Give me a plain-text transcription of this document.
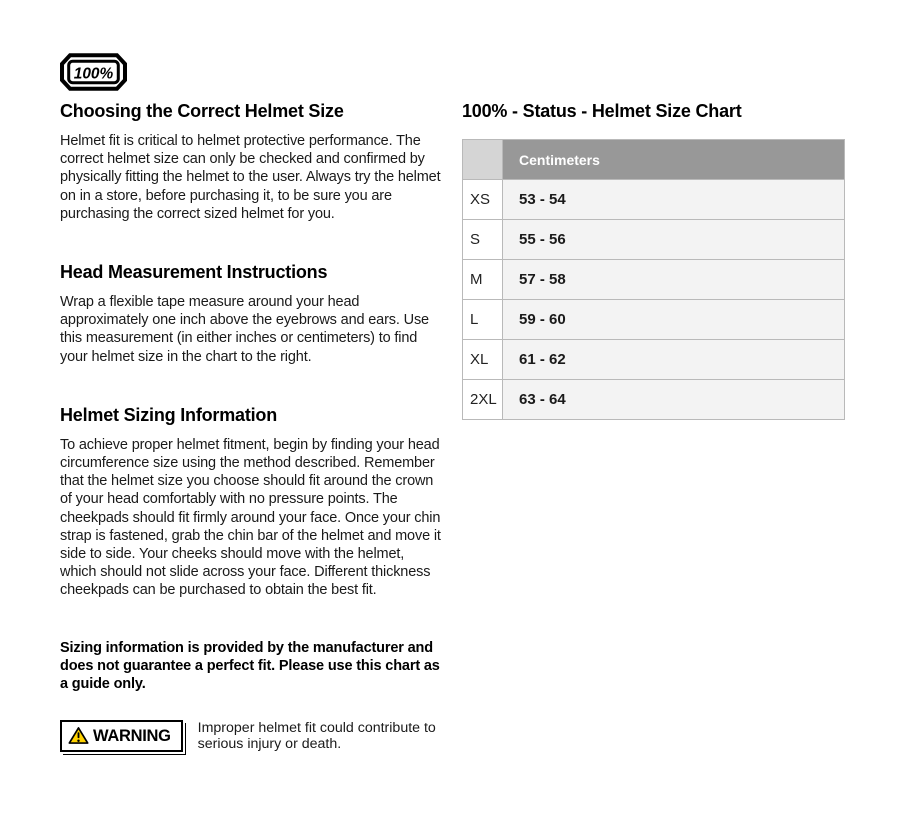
100%
Choosing the Correct Helmet Size

Helmet fit is critical to helmet protective performance. The correct helmet size can only be checked and confirmed by physically fitting the helmet to the user. Always try the helmet on in a store, before purchasing it, to be sure you are purchasing the correct sized helmet for you.

Head Measurement Instructions

Wrap a flexible tape measure around your head approximately one inch above the eyebrows and ears. Use this measurement (in either inches or centimeters) to find your helmet size in the chart to the right.

Helmet Sizing Information

To achieve proper helmet fitment, begin by finding your head circumference size using the method described. Remember that the helmet size you choose should fit around the crown of your head comfortably with no pressure points. The cheekpads should fit firmly around your face. Once your chin strap is fastened, grab the chin bar of the helmet and move it side to side. Your cheeks should move with the helmet, which should not slide across your face. Different thickness cheekpads can be purchased to obtain the best fit.

Sizing information is provided by the manufacturer and does not guarantee a perfect fit. Please use this chart as a guide only.

WARNING Improper helmet fit could contribute to serious injury or death.
100% - Status - Helmet Size Chart
	Centimeters
XS	53 - 54
S	55 - 56
M	57 - 58
L	59 - 60
XL	61 - 62
2XL	63 - 64
